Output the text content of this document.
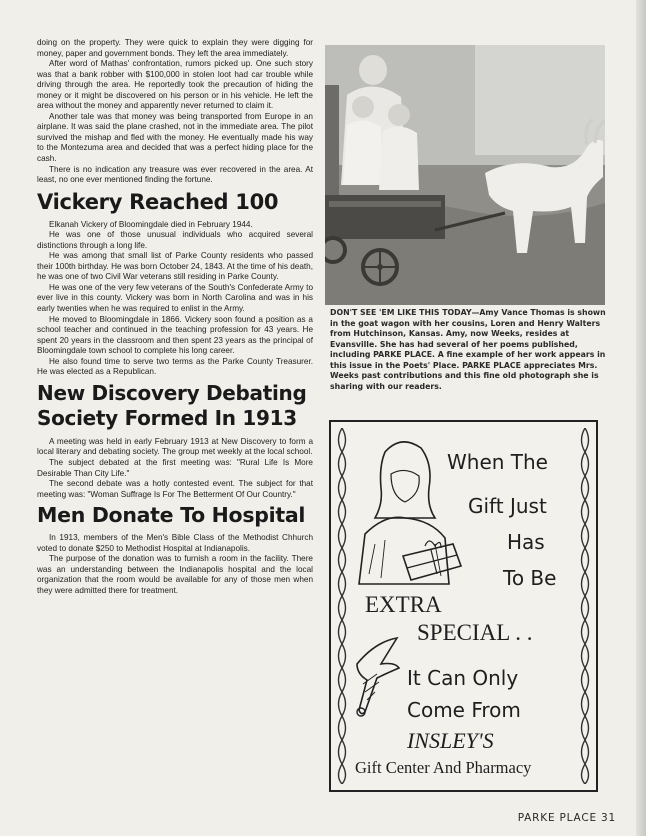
doing on the property. They were quick to explain they were digging for money, paper and government bonds. They left the area immediately.

After word of Mathas' confrontation, rumors picked up. One such story was that a bank robber with $100,000 in stolen loot had car trouble while driving through the area. He reportedly took the precaution of hiding the money or it might be discovered on his person or in his vehicle. He left the area without the money and apparently never returned to claim it.

Another tale was that money was being transported from Europe in an airplane. It was said the plane crashed, not in the immediate area. The pilot survived the mishap and fled with the money. He eventually made his way to the Montezuma area and decided that was a perfect hiding place for the cash.

There is no indication any treasure was ever recovered in the area. At least, no one ever mentioned finding the fortune.

Vickery Reached 100

Elkanah Vickery of Bloomingdale died in February 1944.

He was one of those unusual individuals who acquired several distinctions through a long life.

He was among that small list of Parke County residents who passed their 100th birthday. He was born October 24, 1843. At the time of his death, he was one of two Civil War veterans still residing in Parke County.

He was one of the very few veterans of the South's Confederate Army to ever live in this county. Vickery was born in North Carolina and was in his early twenties when he was required to enlist in the Army.

He moved to Bloomingdale in 1866. Vickery soon found a position as a school teacher and continued in the teaching profession for 43 years. He spent 20 years in the classroom and then spent 23 years as the principal of Bloomingdale town school to complete his long career.

He also found time to serve two terms as the Parke County Treasurer. He was elected as a Republican.

New Discovery Debating
Society Formed In 1913

A meeting was held in early February 1913 at New Discovery to form a local literary and debating society. The group met weekly at the local school.

The subject debated at the first meeting was: "Rural Life Is More Desirable Than City Life."

The second debate was a hotly contested event. The subject for that meeting was: "Woman Suffrage Is For The Betterment Of Our Country."

Men Donate To Hospital

In 1913, members of the Men's Bible Class of the Methodist Chhurch voted to donate $250 to Methodist Hospital at Indianapolis.

The purpose of the donation was to furnish a room in the facility. There was an understanding between the Indianapolis hospital and the local organization that the room would be available for any of those men when they were admitted there for treatment.

DON'T SEE 'EM LIKE THIS TODAY—Amy Vance Thomas is shown in the goat wagon with her cousins, Loren and Henry Walters from Hutchinson, Kansas. Amy, now Weeks, resides at Evansville. She has had several of her poems published, including PARKE PLACE. A fine example of her work appears in this issue in the Poets' Place. PARKE PLACE appreciates Mrs. Weeks past contributions and this fine old photograph she is sharing with our readers.
When The
Gift Just
Has
To Be
EXTRA
SPECIAL . .
It Can Only
Come From
INSLEY'S
Gift Center And Pharmacy
PARKE PLACE 31
